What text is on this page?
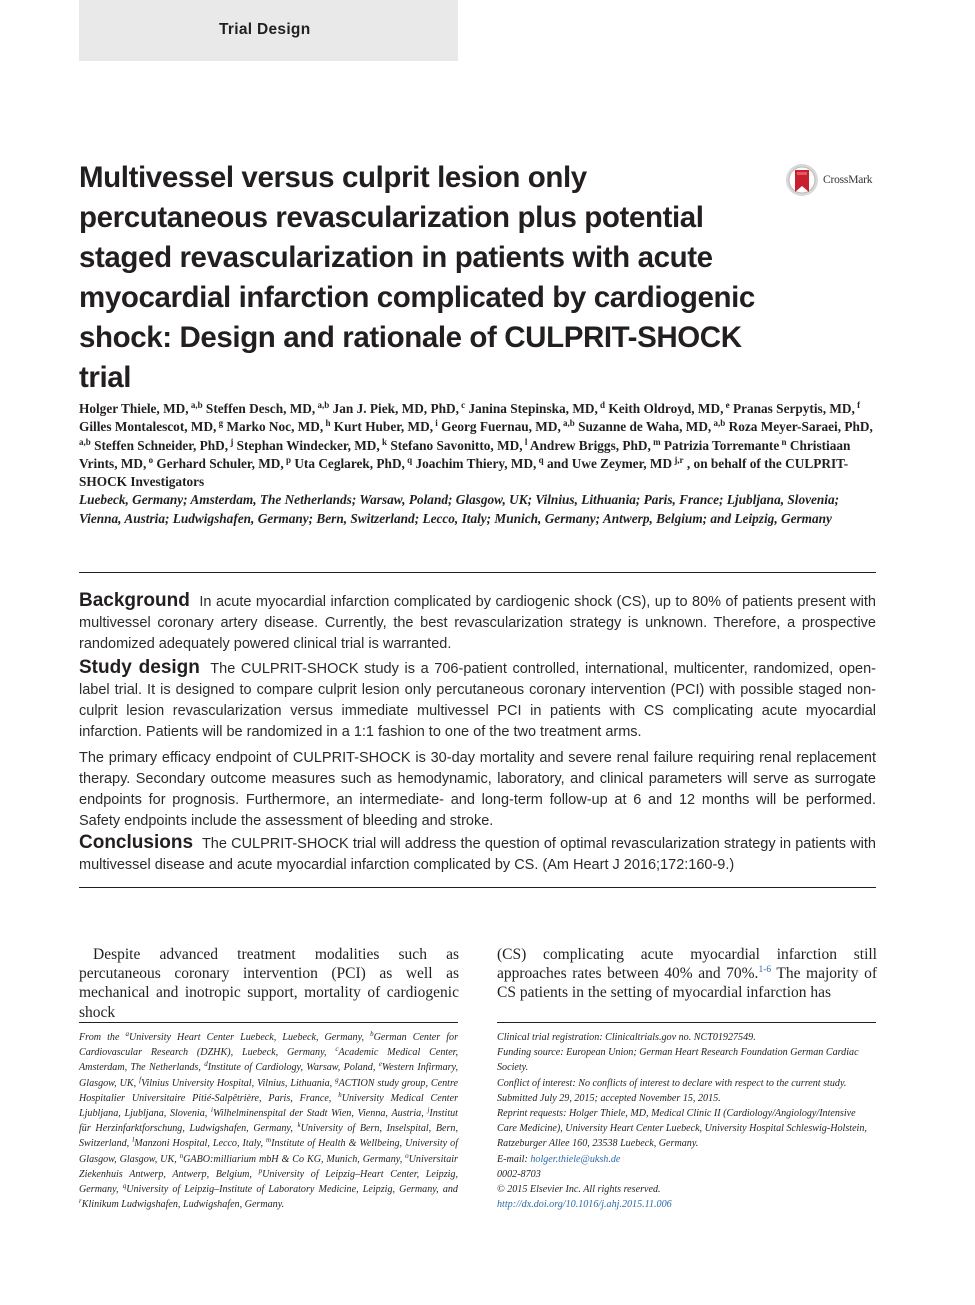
Trial Design
Multivessel versus culprit lesion only percutaneous revascularization plus potential staged revascularization in patients with acute myocardial infarction complicated by cardiogenic shock: Design and rationale of CULPRIT-SHOCK trial
CrossMark

Holger Thiele, MD, $^{a,b}$ Steffen Desch, MD, $^{a,b}$ Jan J. Piek, MD, PhD, $^c$ Janina Stepinska, MD, $^d$ Keith Oldroyd, MD, $^e$ Pranas Serpytis, MD, $^f$ Gilles Montalescot, MD, $^g$ Marko Noc, MD, $^h$ Kurt Huber, MD, $^i$ Georg Fuernau, MD, $^{a,b}$ Suzanne de Waha, MD, $^{a,b}$ Roza Meyer-Saraei, PhD, $^{a,b}$ Steffen Schneider, PhD, $^j$ Stephan Windecker, MD, $^k$ Stefano Savonitto, MD, $^l$ Andrew Briggs, PhD, $^m$ Patrizia Torremante $^n$ Christiaan Vrints, MD, $^o$ Gerhard Schuler, MD, $^p$ Uta Ceglarek, PhD, $^q$ Joachim Thiery, MD, $^q$ and Uwe Zeymer, MD $^{j,r}$ , on behalf of the CULPRIT-SHOCK Investigators
Luebeck, Germany; Amsterdam, The Netherlands; Warsaw, Poland; Glasgow, UK; Vilnius, Lithuania; Paris, France; Ljubljana, Slovenia; Vienna, Austria; Ludwigshafen, Germany; Bern, Switzerland; Lecco, Italy; Munich, Germany; Antwerp, Belgium; and Leipzig, Germany

Background In acute myocardial infarction complicated by cardiogenic shock (CS), up to 80% of patients present with multivessel coronary artery disease. Currently, the best revascularization strategy is unknown. Therefore, a prospective randomized adequately powered clinical trial is warranted.

Study design The CULPRIT-SHOCK study is a 706-patient controlled, international, multicenter, randomized, open-label trial. It is designed to compare culprit lesion only percutaneous coronary intervention (PCI) with possible staged non-culprit lesion revascularization versus immediate multivessel PCI in patients with CS complicating acute myocardial infarction. Patients will be randomized in a 1:1 fashion to one of the two treatment arms.

The primary efficacy endpoint of CULPRIT-SHOCK is 30-day mortality and severe renal failure requiring renal replacement therapy. Secondary outcome measures such as hemodynamic, laboratory, and clinical parameters will serve as surrogate endpoints for prognosis. Furthermore, an intermediate- and long-term follow-up at 6 and 12 months will be performed. Safety endpoints include the assessment of bleeding and stroke.

Conclusions The CULPRIT-SHOCK trial will address the question of optimal revascularization strategy in patients with multivessel disease and acute myocardial infarction complicated by CS. (Am Heart J 2016;172:160-9.)

Despite advanced treatment modalities such as percutaneous coronary intervention (PCI) as well as mechanical and inotropic support, mortality of cardiogenic shock

(CS) complicating acute myocardial infarction still approaches rates between 40% and 70%.$^{1-6}$ The majority of CS patients in the setting of myocardial infarction has

From the $^a$University Heart Center Luebeck, Luebeck, Germany, $^b$German Center for Cardiovascular Research (DZHK), Luebeck, Germany, $^c$Academic Medical Center, Amsterdam, The Netherlands, $^d$Institute of Cardiology, Warsaw, Poland, $^e$Western Infirmary, Glasgow, UK, $^f$Vilnius University Hospital, Vilnius, Lithuania, $^g$ACTION study group, Centre Hospitalier Universitaire Pitié-Salpêtrière, Paris, France, $^h$University Medical Center Ljubljana, Ljubljana, Slovenia, $^i$Wilhelminenspital der Stadt Wien, Vienna, Austria, $^j$Institut für Herzinfarktforschung, Ludwigshafen, Germany, $^k$University of Bern, Inselspital, Bern, Switzerland, $^l$Manzoni Hospital, Lecco, Italy, $^m$Institute of Health & Wellbeing, University of Glasgow, Glasgow, UK, $^n$GABO:milliarium mbH & Co KG, Munich, Germany, $^o$Universitair Ziekenhuis Antwerp, Antwerp, Belgium, $^p$University of Leipzig–Heart Center, Leipzig, Germany, $^q$University of Leipzig–Institute of Laboratory Medicine, Leipzig, Germany, and $^r$Klinikum Ludwigshafen, Ludwigshafen, Germany.

Clinical trial registration: Clinicaltrials.gov no. NCT01927549.

Funding source: European Union; German Heart Research Foundation German Cardiac Society.

Conflict of interest: No conflicts of interest to declare with respect to the current study.

Submitted July 29, 2015; accepted November 15, 2015.

Reprint requests: Holger Thiele, MD, Medical Clinic II (Cardiology/Angiology/Intensive Care Medicine), University Heart Center Luebeck, University Hospital Schleswig-Holstein, Ratzeburger Allee 160, 23538 Luebeck, Germany.

E-mail: holger.thiele@uksh.de

0002-8703

© 2015 Elsevier Inc. All rights reserved.

http://dx.doi.org/10.1016/j.ahj.2015.11.006
